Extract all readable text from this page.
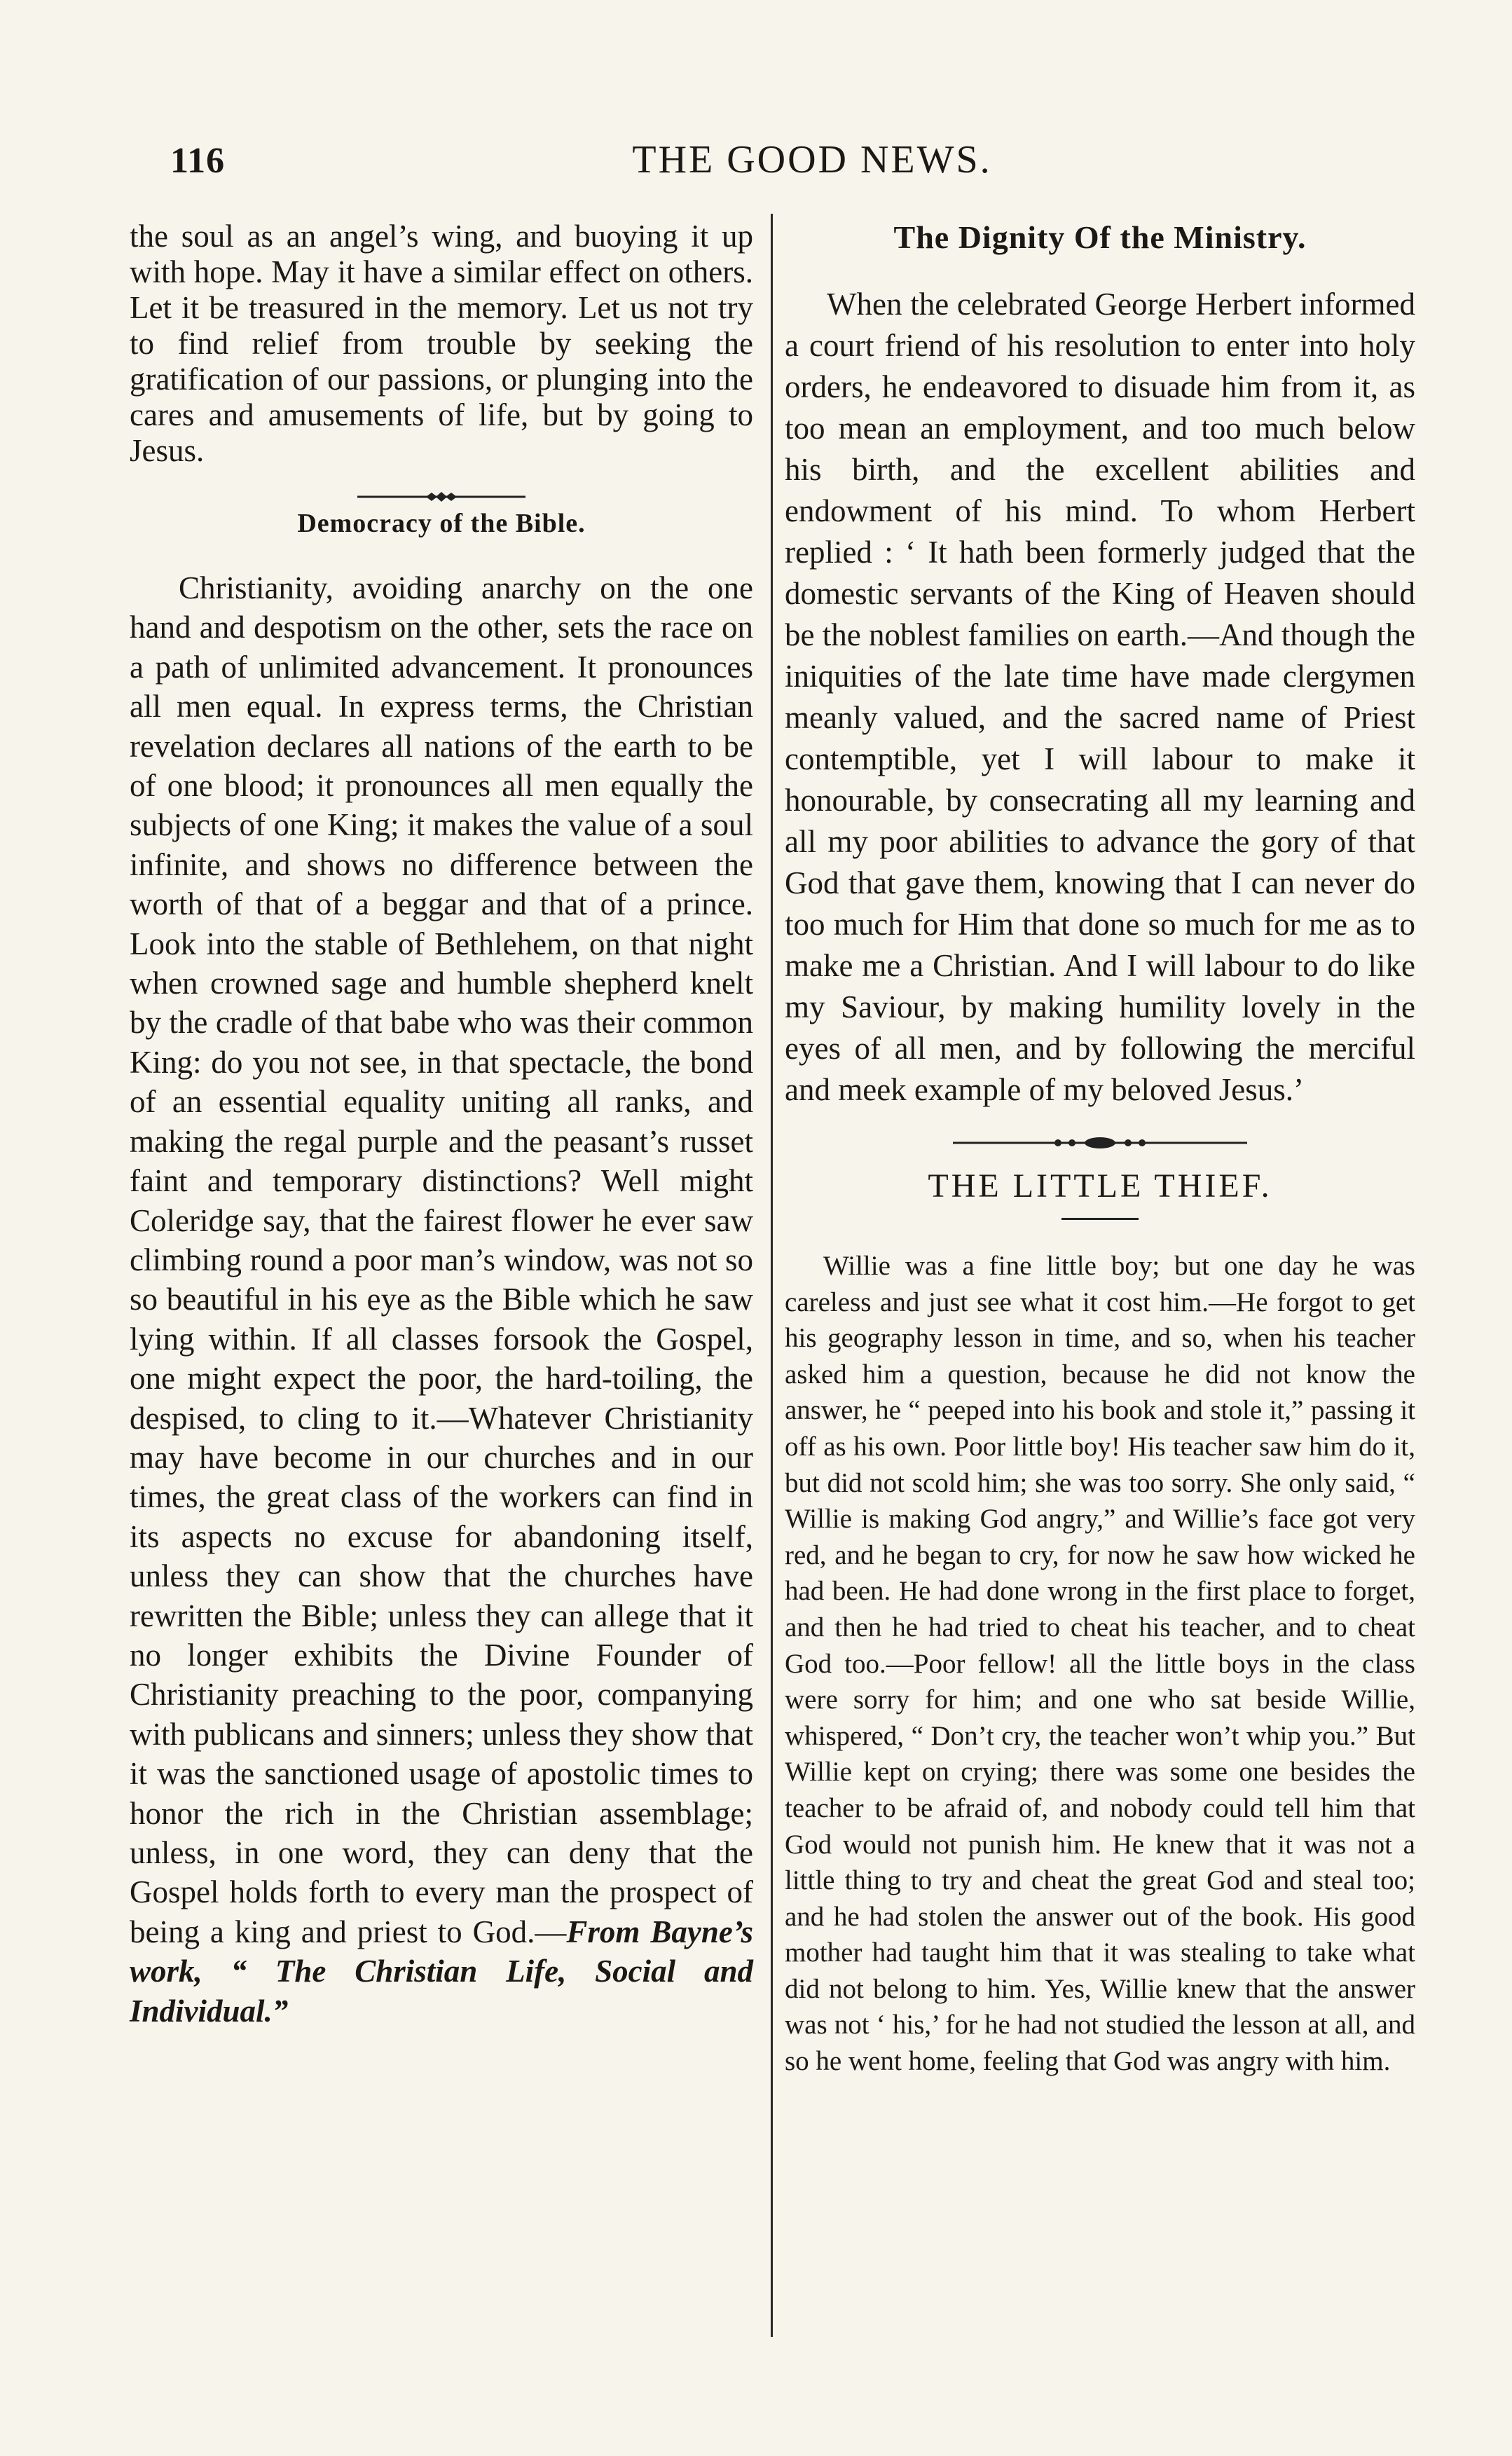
116	THE GOOD NEWS.

the soul as an angel’s wing, and buoying it up with hope. May it have a similar effect on others. Let it be treasured in the memory. Let us not try to find relief from trouble by seeking the gratification of our passions, or plunging into the cares and amusements of life, but by going to Jesus.

Democracy of the Bible.

Christianity, avoiding anarchy on the one hand and despotism on the other, sets the race on a path of unlimited advancement. It pronounces all men equal. In express terms, the Christian revelation declares all nations of the earth to be of one blood; it pronounces all men equally the subjects of one King; it makes the value of a soul infinite, and shows no difference between the worth of that of a beggar and that of a prince. Look into the stable of Bethlehem, on that night when crowned sage and humble shepherd knelt by the cradle of that babe who was their common King: do you not see, in that spectacle, the bond of an essential equality uniting all ranks, and making the regal purple and the peasant’s russet faint and temporary distinctions? Well might Coleridge say, that the fairest flower he ever saw climbing round a poor man’s window, was not so so beautiful in his eye as the Bible which he saw lying within. If all classes forsook the Gospel, one might expect the poor, the hard-toiling, the despised, to cling to it.—Whatever Christianity may have become in our churches and in our times, the great class of the workers can find in its aspects no excuse for abandoning itself, unless they can show that the churches have rewritten the Bible; unless they can allege that it no longer exhibits the Divine Founder of Christianity preaching to the poor, companying with publicans and sinners; unless they show that it was the sanctioned usage of apostolic times to honor the rich in the Christian assemblage; unless, in one word, they can deny that the Gospel holds forth to every man the prospect of being a king and priest to God.—From Bayne’s work, “ The Christian Life, Social and Individual.”

The Dignity Of the Ministry.

When the celebrated George Herbert informed a court friend of his resolution to enter into holy orders, he endeavored to disuade him from it, as too mean an employment, and too much below his birth, and the excellent abilities and endowment of his mind. To whom Herbert replied : ‘ It hath been formerly judged that the domestic servants of the King of Heaven should be the noblest families on earth.—And though the iniquities of the late time have made clergymen meanly valued, and the sacred name of Priest contemptible, yet I will labour to make it honourable, by consecrating all my learning and all my poor abilities to advance the gory of that God that gave them, knowing that I can never do too much for Him that done so much for me as to make me a Christian. And I will labour to do like my Saviour, by making humility lovely in the eyes of all men, and by following the merciful and meek example of my beloved Jesus.’

THE LITTLE THIEF.

Willie was a fine little boy; but one day he was careless and just see what it cost him.—He forgot to get his geography lesson in time, and so, when his teacher asked him a question, because he did not know the answer, he “ peeped into his book and stole it,” passing it off as his own. Poor little boy! His teacher saw him do it, but did not scold him; she was too sorry. She only said, “ Willie is making God angry,” and Willie’s face got very red, and he began to cry, for now he saw how wicked he had been. He had done wrong in the first place to forget, and then he had tried to cheat his teacher, and to cheat God too.—Poor fellow! all the little boys in the class were sorry for him; and one who sat beside Willie, whispered, “ Don’t cry, the teacher won’t whip you.” But Willie kept on crying; there was some one besides the teacher to be afraid of, and nobody could tell him that God would not punish him. He knew that it was not a little thing to try and cheat the great God and steal too; and he had stolen the answer out of the book. His good mother had taught him that it was stealing to take what did not belong to him. Yes, Willie knew that the answer was not ‘ his,’ for he had not studied the lesson at all, and so he went home, feeling that God was angry with him.
